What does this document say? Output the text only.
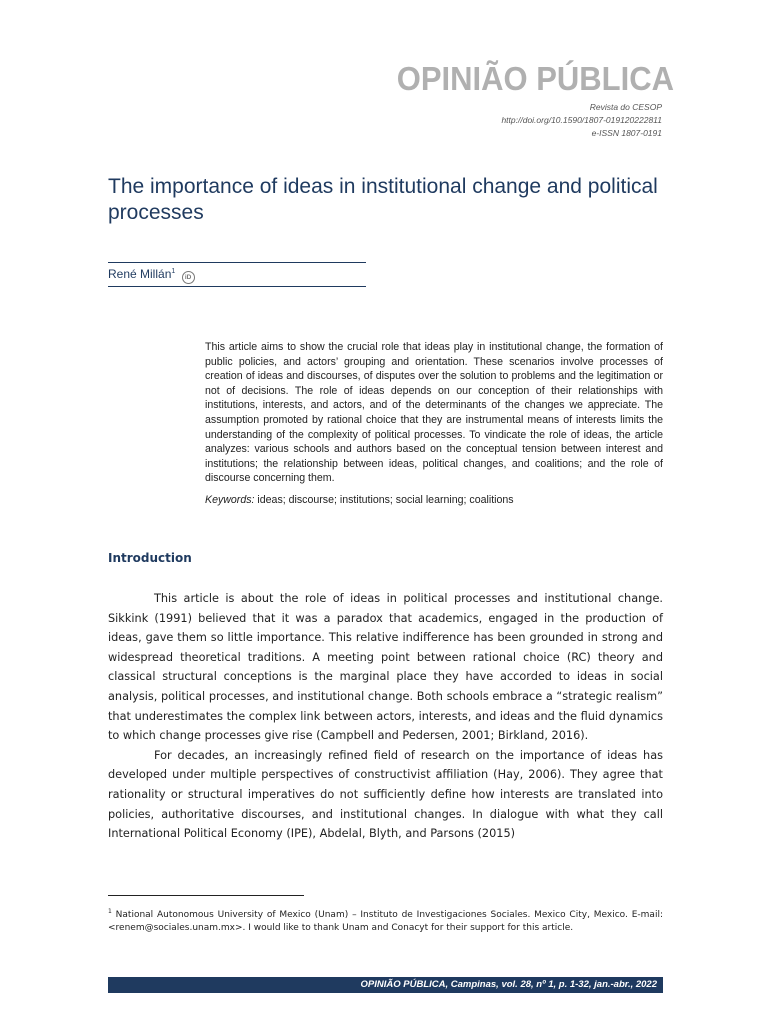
OPINIÃO PÚBLICA
Revista do CESOP
http://doi.org/10.1590/1807-019120222811
e-ISSN 1807-0191
The importance of ideas in institutional change and political processes
René Millán$^1$ iD

This article aims to show the crucial role that ideas play in institutional change, the formation of public policies, and actors’ grouping and orientation. These scenarios involve processes of creation of ideas and discourses, of disputes over the solution to problems and the legitimation or not of decisions. The role of ideas depends on our conception of their relationships with institutions, interests, and actors, and of the determinants of the changes we appreciate. The assumption promoted by rational choice that they are instrumental means of interests limits the understanding of the complexity of political processes. To vindicate the role of ideas, the article analyzes: various schools and authors based on the conceptual tension between interest and institutions; the relationship between ideas, political changes, and coalitions; and the role of discourse concerning them.

Keywords: ideas; discourse; institutions; social learning; coalitions
Introduction

This article is about the role of ideas in political processes and institutional change. Sikkink (1991) believed that it was a paradox that academics, engaged in the production of ideas, gave them so little importance. This relative indifference has been grounded in strong and widespread theoretical traditions. A meeting point between rational choice (RC) theory and classical structural conceptions is the marginal place they have accorded to ideas in social analysis, political processes, and institutional change. Both schools embrace a “strategic realism” that underestimates the complex link between actors, interests, and ideas and the fluid dynamics to which change processes give rise (Campbell and Pedersen, 2001; Birkland, 2016).

For decades, an increasingly refined field of research on the importance of ideas has developed under multiple perspectives of constructivist affiliation (Hay, 2006). They agree that rationality or structural imperatives do not sufficiently define how interests are translated into policies, authoritative discourses, and institutional changes. In dialogue with what they call International Political Economy (IPE), Abdelal, Blyth, and Parsons (2015)

$^1$ National Autonomous University of Mexico (Unam) – Instituto de Investigaciones Sociales. Mexico City, Mexico. E-mail: <renem@sociales.unam.mx>. I would like to thank Unam and Conacyt for their support for this article.

OPINIÃO PÚBLICA, Campinas, vol. 28, nº 1, p. 1-32, jan.-abr., 2022
